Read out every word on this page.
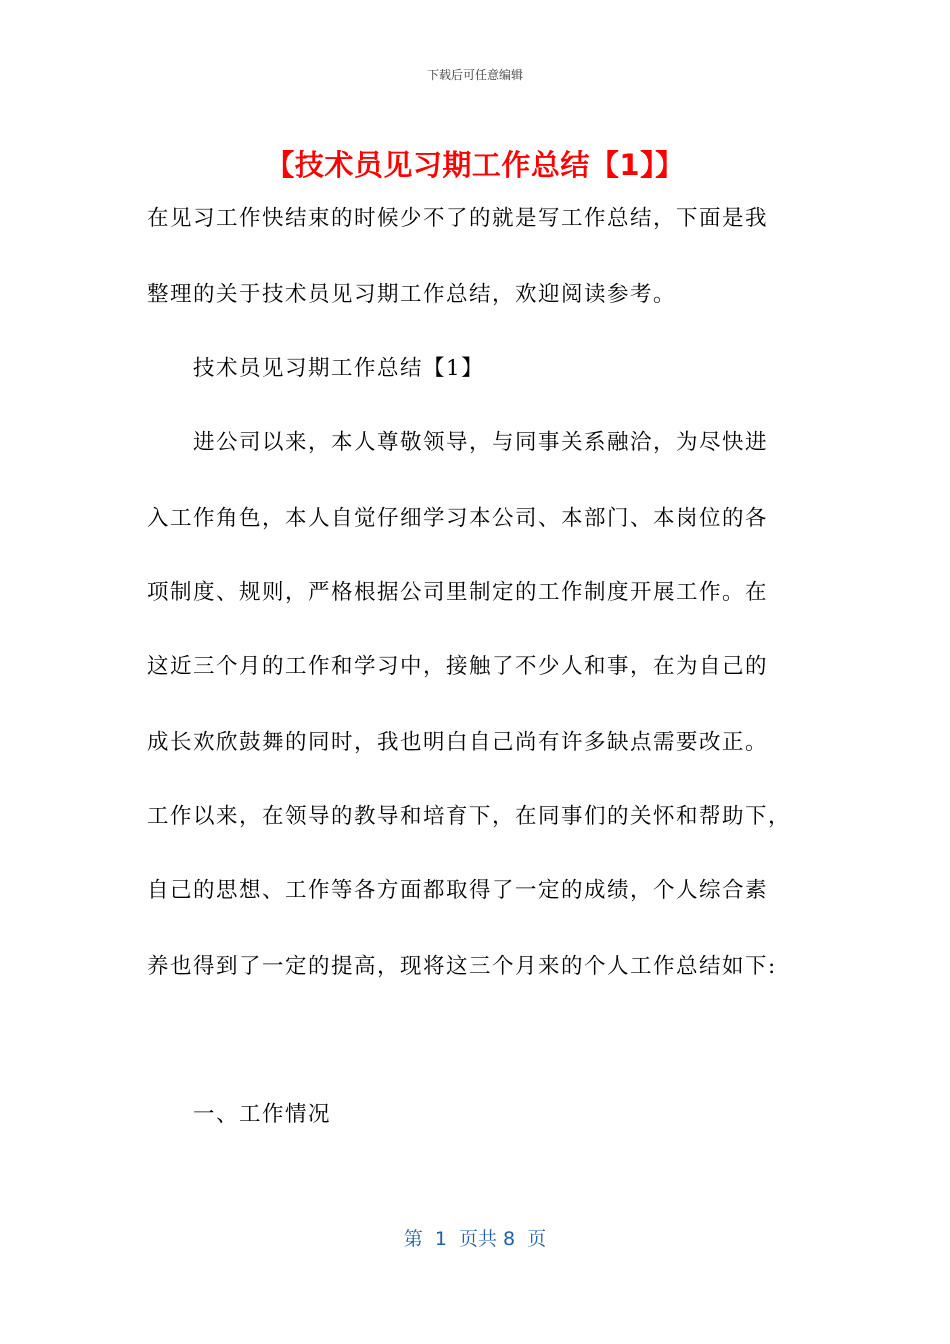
下载后可任意编辑
【技术员见习期工作总结【1】】
在见习工作快结束的时候少不了的就是写工作总结，下面是我
整理的关于技术员见习期工作总结，欢迎阅读参考。
技术员见习期工作总结【1】
进公司以来，本人尊敬领导，与同事关系融洽，为尽快进
入工作角色，本人自觉仔细学习本公司、本部门、本岗位的各
项制度、规则，严格根据公司里制定的工作制度开展工作。在
这近三个月的工作和学习中，接触了不少人和事，在为自己的
成长欢欣鼓舞的同时，我也明白自己尚有许多缺点需要改正。
工作以来，在领导的教导和培育下，在同事们的关怀和帮助下，
自己的思想、工作等各方面都取得了一定的成绩，个人综合素
养也得到了一定的提高，现将这三个月来的个人工作总结如下:
一、工作情况
第  1  页共 8  页
